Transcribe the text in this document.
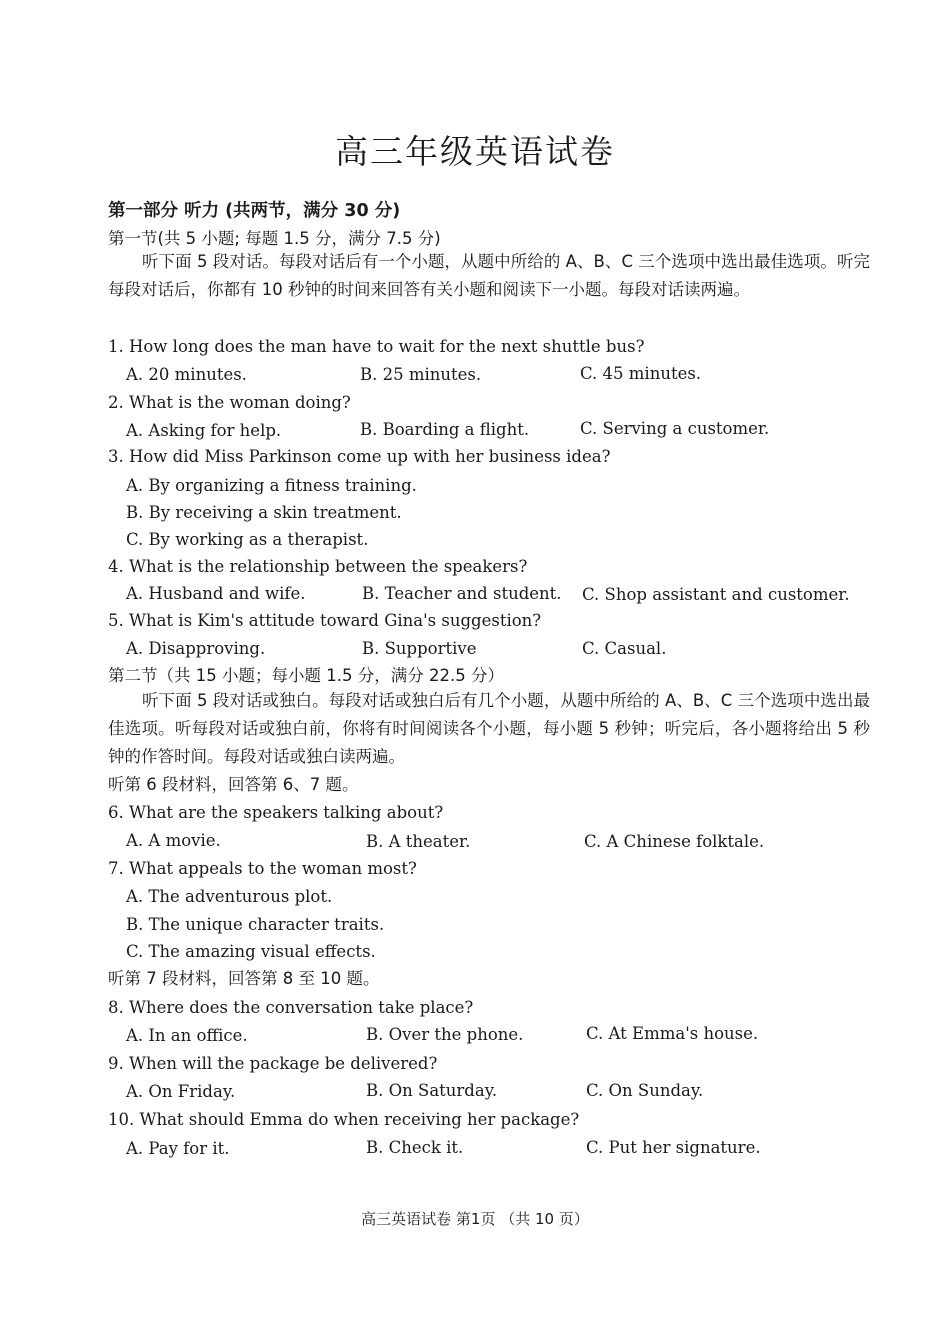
高三年级英语试卷
第一部分 听力 (共两节，满分 30 分)
第一节(共 5 小题; 每题 1.5 分，满分 7.5 分)
听下面 5 段对话。每段对话后有一个小题，从题中所给的 A、B、C 三个选项中选出最佳选项。听完每段对话后，你都有 10 秒钟的时间来回答有关小题和阅读下一小题。每段对话读两遍。
1. How long does the man have to wait for the next shuttle bus?
A. 20 minutes.	B. 25 minutes.	C. 45 minutes.
2. What is the woman doing?
A. Asking for help.	B. Boarding a flight.	C. Serving a customer.
3. How did Miss Parkinson come up with her business idea?
A. By organizing a fitness training.
B. By receiving a skin treatment.
C. By working as a therapist.
4. What is the relationship between the speakers?
A. Husband and wife.	B. Teacher and student. C. Shop assistant and customer.
5. What is Kim's attitude toward Gina's suggestion?
A. Disapproving.	B. Supportive	C. Casual.
第二节（共 15 小题；每小题 1.5 分，满分 22.5 分）
听下面 5 段对话或独白。每段对话或独白后有几个小题，从题中所给的 A、B、C 三个选项中选出最佳选项。听每段对话或独白前，你将有时间阅读各个小题，每小题 5 秒钟；听完后，各小题将给出 5 秒钟的作答时间。每段对话或独白读两遍。
听第 6 段材料，回答第 6、7 题。
6. What are the speakers talking about?
A. A movie.	B. A theater.	C. A Chinese folktale.
7. What appeals to the woman most?
A. The adventurous plot.
B. The unique character traits.
C. The amazing visual effects.
听第 7 段材料，回答第 8 至 10 题。
8. Where does the conversation take place?
A. In an office.	B. Over the phone.	C. At Emma's house.
9. When will the package be delivered?
A. On Friday.	B. On Saturday.	C. On Sunday.
10. What should Emma do when receiving her package?
A. Pay for it.	B. Check it.	C. Put her signature.
高三英语试卷 第1页 （共 10 页）
